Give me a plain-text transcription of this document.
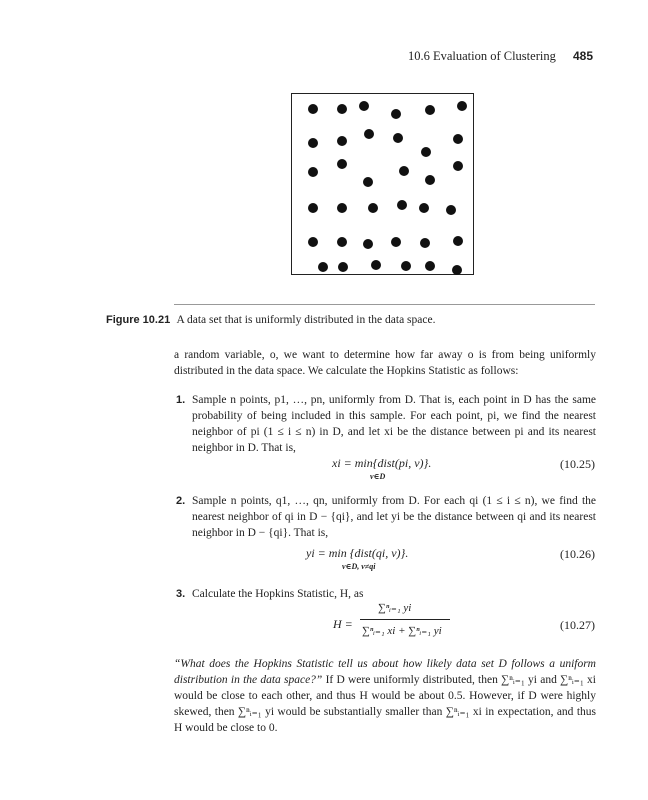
10.6 Evaluation of Clustering 485
Figure 10.21 A data set that is uniformly distributed in the data space.
a random variable, o, we want to determine how far away o is from being uniformly distributed in the data space. We calculate the Hopkins Statistic as follows:
1. Sample n points, p1, …, pn, uniformly from D. That is, each point in D has the same probability of being included in this sample. For each point, pi, we find the nearest neighbor of pi (1 ≤ i ≤ n) in D, and let xi be the distance between pi and its nearest neighbor in D. That is,
xi = min{dist(pi, v)}.
v∈D
(10.25)
2. Sample n points, q1, …, qn, uniformly from D. For each qi (1 ≤ i ≤ n), we find the nearest neighbor of qi in D − {qi}, and let yi be the distance between qi and its nearest neighbor in D − {qi}. That is,
yi = min {dist(qi, v)}.
v∈D, v≠qi
(10.26)
3. Calculate the Hopkins Statistic, H, as
H =
∑ⁿᵢ₌₁ yi
∑ⁿᵢ₌₁ xi + ∑ⁿᵢ₌₁ yi	(10.27)
“What does the Hopkins Statistic tell us about how likely data set D follows a uniform distribution in the data space?” If D were uniformly distributed, then ∑ⁿᵢ₌₁ yi and ∑ⁿᵢ₌₁ xi would be close to each other, and thus H would be about 0.5. However, if D were highly skewed, then ∑ⁿᵢ₌₁ yi would be substantially smaller than ∑ⁿᵢ₌₁ xi in expectation, and thus H would be close to 0.
